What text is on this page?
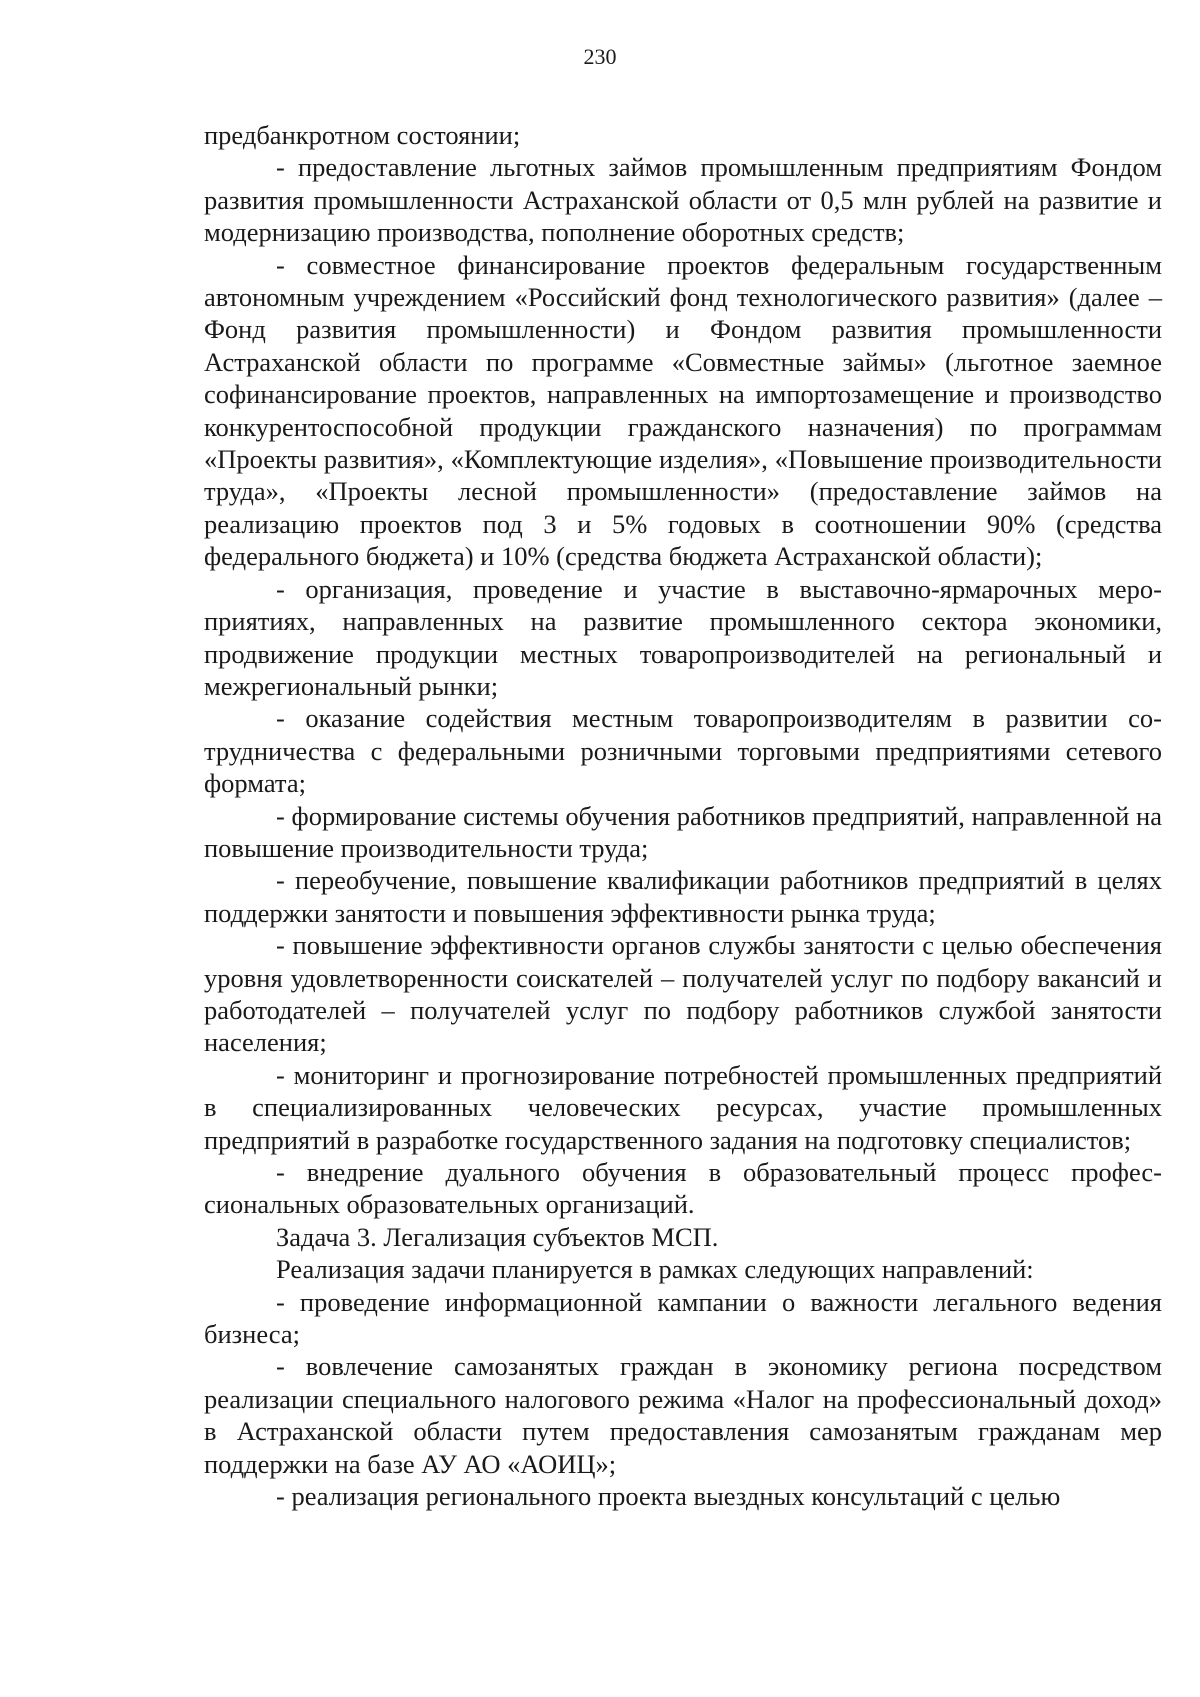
230

предбанкротном состоянии;

- предоставление льготных займов промышленным предприятиям Фондом развития промышленности Астраханской области от 0,5 млн рублей на развитие и модернизацию производства, пополнение оборотных средств;

- совместное финансирование проектов федеральным государственным автономным учреждением «Российский фонд технологического развития» (далее – Фонд развития промышленности) и Фондом развития промышленности Астраханской области по программе «Совместные займы» (льготное заемное софинансирование проектов, направленных на импортозамещение и производство конкурентоспособной продукции гражданского назначения) по программам «Проекты развития», «Комплектующие изделия», «Повышение производительности труда», «Проекты лесной промышленности» (предоставление займов на реализацию проектов под 3 и 5% годовых в соотношении 90% (средства федерального бюджета) и 10% (средства бюджета Астраханской области);

- организация, проведение и участие в выставочно-ярмарочных мероприятиях, направленных на развитие промышленного сектора экономики, продвижение продукции местных товаропроизводителей на региональный и межрегиональный рынки;

- оказание содействия местным товаропроизводителям в развитии сотрудничества с федеральными розничными торговыми предприятиями сетевого формата;

- формирование системы обучения работников предприятий, направленной на повышение производительности труда;

- переобучение, повышение квалификации работников предприятий в целях поддержки занятости и повышения эффективности рынка труда;

- повышение эффективности органов службы занятости с целью обеспечения уровня удовлетворенности соискателей – получателей услуг по подбору вакансий и работодателей – получателей услуг по подбору работников службой занятости населения;

- мониторинг и прогнозирование потребностей промышленных предприятий в специализированных человеческих ресурсах, участие промышленных предприятий в разработке государственного задания на подготовку специалистов;

- внедрение дуального обучения в образовательный процесс профессиональных образовательных организаций.

Задача 3. Легализация субъектов МСП.

Реализация задачи планируется в рамках следующих направлений:

- проведение информационной кампании о важности легального ведения бизнеса;

- вовлечение самозанятых граждан в экономику региона посредством реализации специального налогового режима «Налог на профессиональный доход» в Астраханской области путем предоставления самозанятым гражданам мер поддержки на базе АУ АО «АОИЦ»;

- реализация регионального проекта выездных консультаций с целью
